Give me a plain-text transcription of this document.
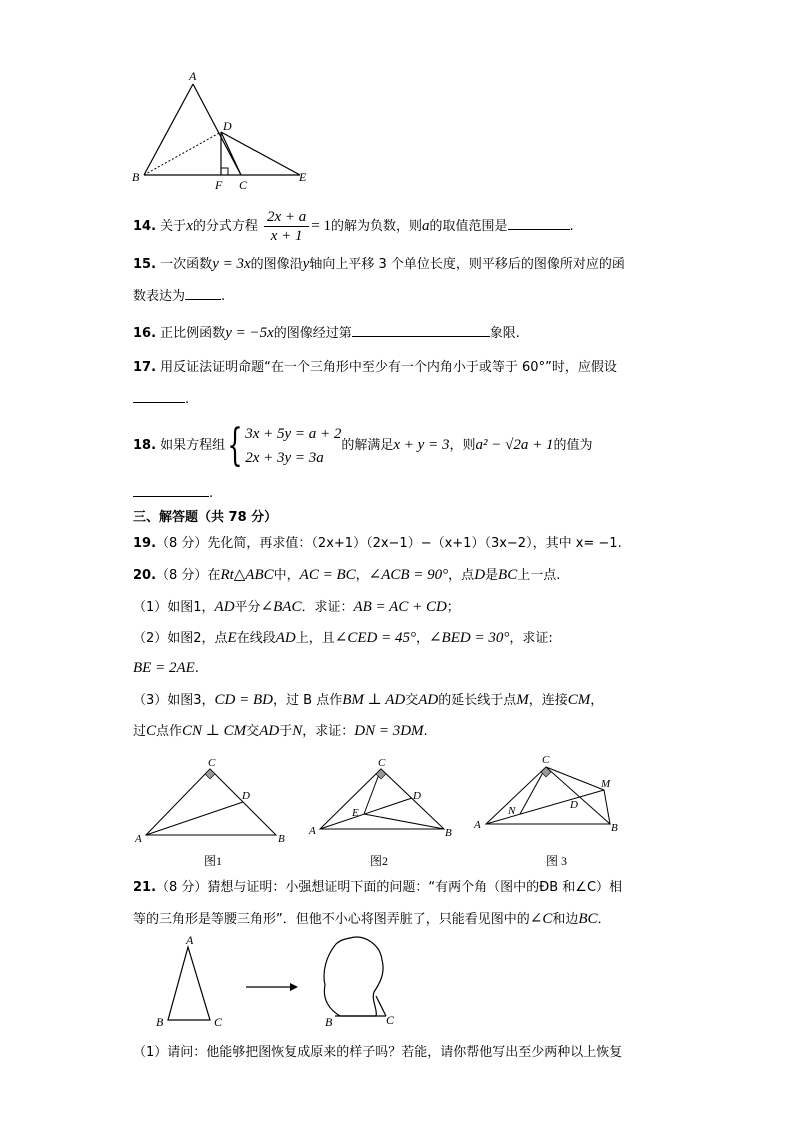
A
B
D
F C
E
14. 关于x的分式方程 $\frac{2x + a}{x + 1} = 1$的解为负数，则a的取值范围是	.
15. 一次函数y = 3x的图像沿y轴向上平移 3 个单位长度，则平移后的图像所对应的函
数表达为	.
16. 正比例函数y = −5x的图像经过第	象限.
17. 用反证法证明命题“在一个三角形中至少有一个内角小于或等于 60°”时，应假设
.
18. 如果方程组{ 3x + 5y = a + 2
2x + 3y = 3a
的解满足x + y = 3，则a² − √2a + 1的值为
.
三、解答题（共 78 分）
19.（8 分）先化简，再求值：（2x+1）（2x−1）−（x+1）（3x−2），其中 x= −1.
20.（8 分）在Rt△ABC中，AC = BC，∠ACB = 90°，点D是BC上一点.
（1）如图1，AD平分∠BAC．求证：AB = AC + CD；
（2）如图2，点E在线段AD上，且∠CED = 45°，∠BED = 30°，求证:
BE = 2AE.
（3）如图3，CD = BD，过 B 点作BM ⊥ AD交AD的延长线于点M，连接CM，
过C点作CN ⊥ CM交AD于N，求证：DN = 3DM.
C
D
A	B
图1
C
D
E
A	B
图2
C
M
D
N
A	B
图 3
21.（8 分）猜想与证明：小强想证明下面的问题：“有两个角（图中的ÐB 和∠C）相
等的三角形是等腰三角形”．但他不小心将图弄脏了，只能看见图中的∠C和边BC．
A
B	C	B	C
（1）请问：他能够把图恢复成原来的样子吗？若能，请你帮他写出至少两种以上恢复
